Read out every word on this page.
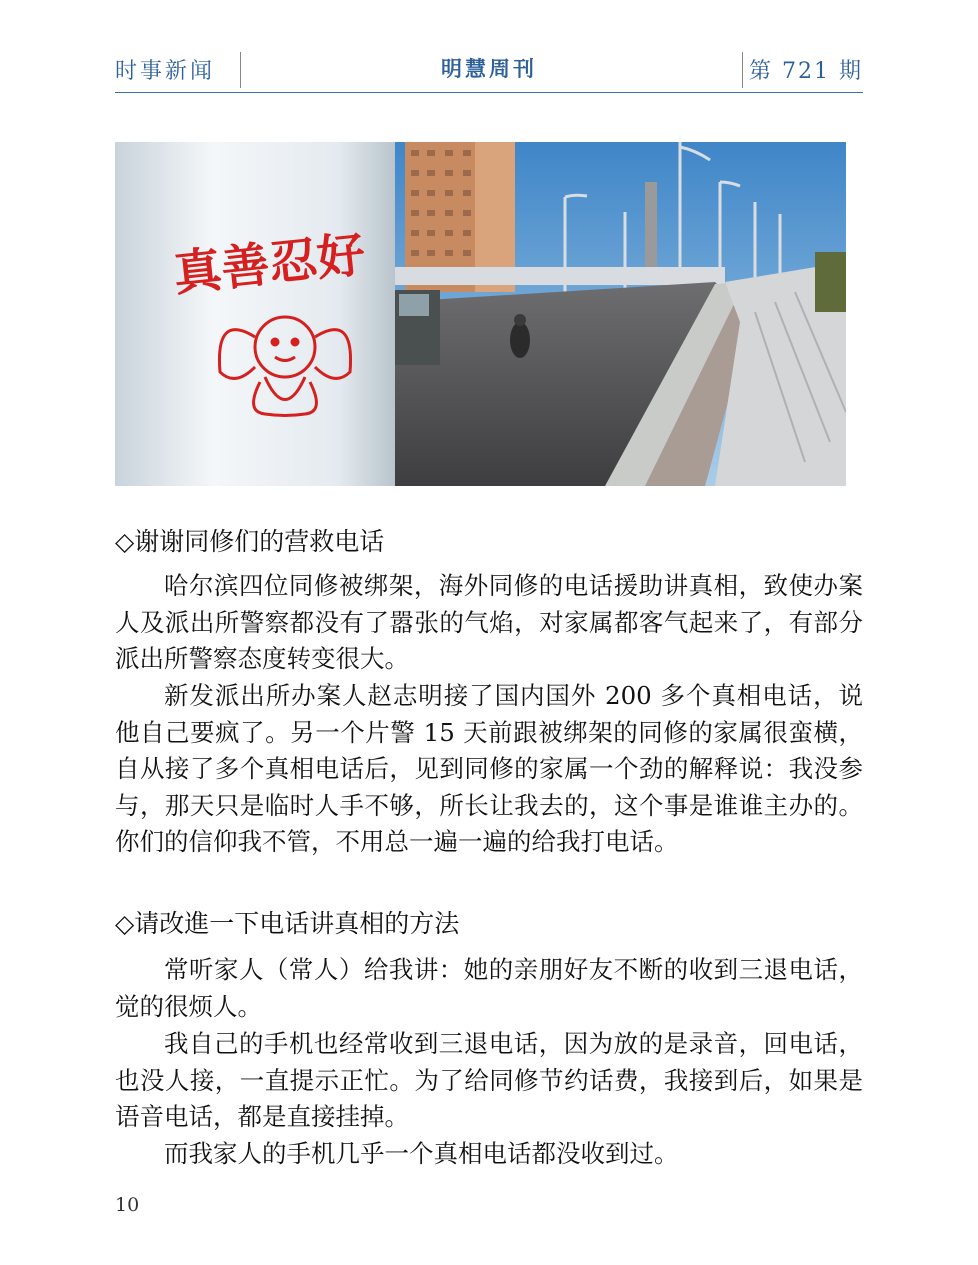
时事新闻	明慧周刊	第 721 期
真善忍好
◇谢谢同修们的营救电话

哈尔滨四位同修被绑架，海外同修的电话援助讲真相，致使办案人及派出所警察都没有了嚣张的气焰，对家属都客气起来了，有部分派出所警察态度转变很大。

新发派出所办案人赵志明接了国内国外 200 多个真相电话，说他自己要疯了。另一个片警 15 天前跟被绑架的同修的家属很蛮横，自从接了多个真相电话后，见到同修的家属一个劲的解释说：我没参与，那天只是临时人手不够，所长让我去的，这个事是谁谁主办的。你们的信仰我不管，不用总一遍一遍的给我打电话。

◇请改進一下电话讲真相的方法

常听家人（常人）给我讲：她的亲朋好友不断的收到三退电话，觉的很烦人。

我自己的手机也经常收到三退电话，因为放的是录音，回电话，也没人接，一直提示正忙。为了给同修节约话费，我接到后，如果是语音电话，都是直接挂掉。

而我家人的手机几乎一个真相电话都没收到过。

10
